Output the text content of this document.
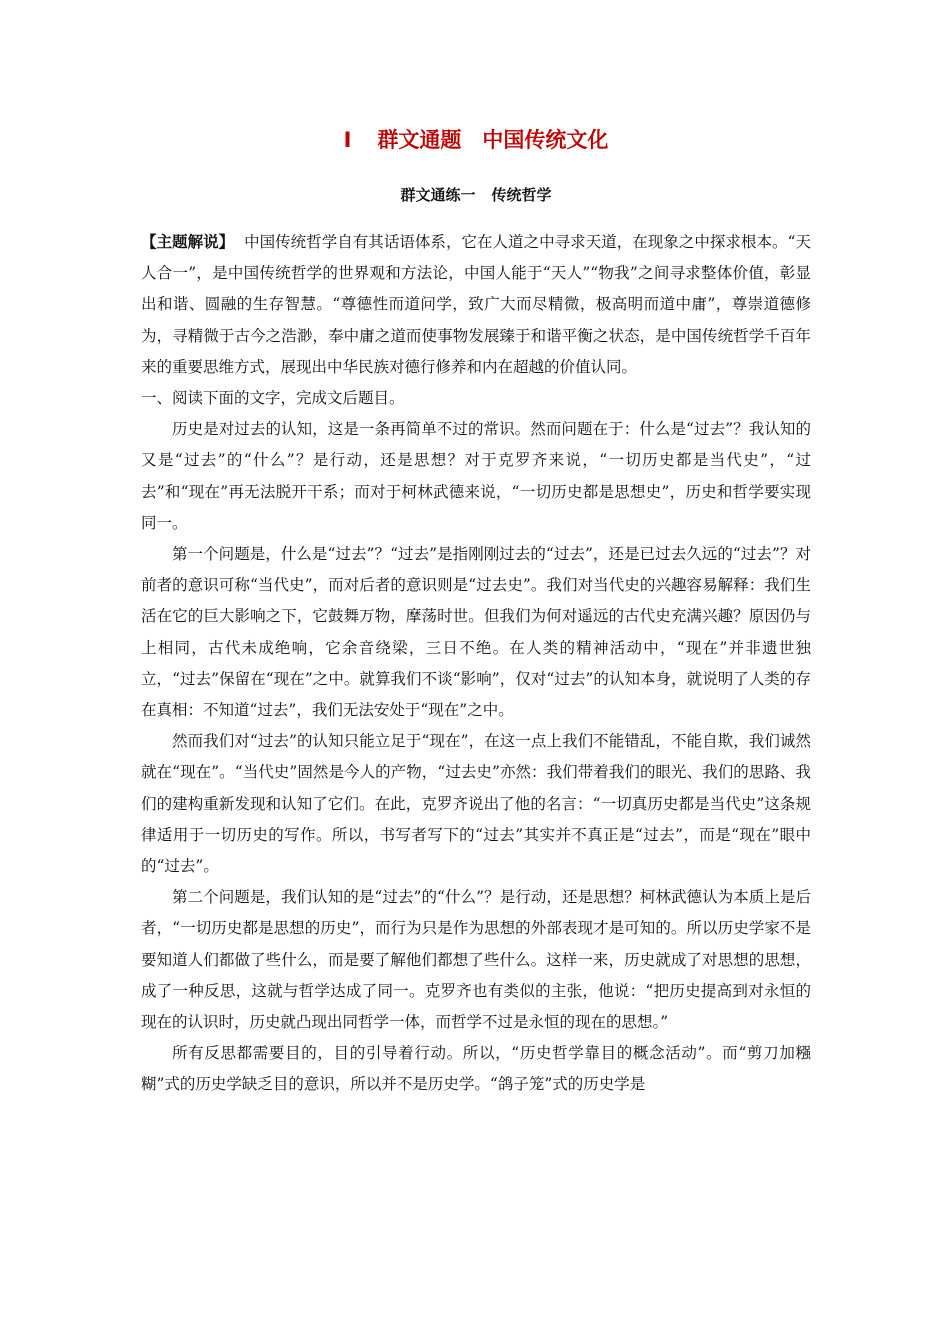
Ⅰ 群文通题　中国传统文化
群文通练一 传统哲学

【主题解说】 中国传统哲学自有其话语体系，它在人道之中寻求天道，在现象之中探求根本。“天人合一”，是中国传统哲学的世界观和方法论，中国人能于“天人”“物我”之间寻求整体价值，彰显出和谐、圆融的生存智慧。“尊德性而道问学，致广大而尽精微，极高明而道中庸”，尊崇道德修为，寻精微于古今之浩渺，奉中庸之道而使事物发展臻于和谐平衡之状态，是中国传统哲学千百年来的重要思维方式，展现出中华民族对德行修养和内在超越的价值认同。

一、阅读下面的文字，完成文后题目。

历史是对过去的认知，这是一条再简单不过的常识。然而问题在于：什么是“过去”？我认知的又是“过去”的“什么”？是行动，还是思想？对于克罗齐来说，“一切历史都是当代史”，“过去”和“现在”再无法脱开干系；而对于柯林武德来说，“一切历史都是思想史”，历史和哲学要实现同一。

第一个问题是，什么是“过去”？“过去”是指刚刚过去的“过去”，还是已过去久远的“过去”？对前者的意识可称“当代史”，而对后者的意识则是“过去史”。我们对当代史的兴趣容易解释：我们生活在它的巨大影响之下，它鼓舞万物，摩荡时世。但我们为何对遥远的古代史充满兴趣？原因仍与上相同，古代未成绝响，它余音绕梁，三日不绝。在人类的精神活动中，“现在”并非遗世独立，“过去”保留在“现在”之中。就算我们不谈“影响”，仅对“过去”的认知本身，就说明了人类的存在真相：不知道“过去”，我们无法安处于“现在”之中。

然而我们对“过去”的认知只能立足于“现在”，在这一点上我们不能错乱，不能自欺，我们诚然就在“现在”。“当代史”固然是今人的产物，“过去史”亦然：我们带着我们的眼光、我们的思路、我们的建构重新发现和认知了它们。在此，克罗齐说出了他的名言：“一切真历史都是当代史”这条规律适用于一切历史的写作。所以，书写者写下的“过去”其实并不真正是“过去”，而是“现在”眼中的“过去”。

第二个问题是，我们认知的是“过去”的“什么”？是行动，还是思想？柯林武德认为本质上是后者，“一切历史都是思想的历史”，而行为只是作为思想的外部表现才是可知的。所以历史学家不是要知道人们都做了些什么，而是要了解他们都想了些什么。这样一来，历史就成了对思想的思想，成了一种反思，这就与哲学达成了同一。克罗齐也有类似的主张，他说：“把历史提高到对永恒的现在的认识时，历史就凸现出同哲学一体，而哲学不过是永恒的现在的思想。”

所有反思都需要目的，目的引导着行动。所以，“历史哲学靠目的概念活动”。而“剪刀加糨糊”式的历史学缺乏目的意识，所以并不是历史学。“鸽子笼”式的历史学是
